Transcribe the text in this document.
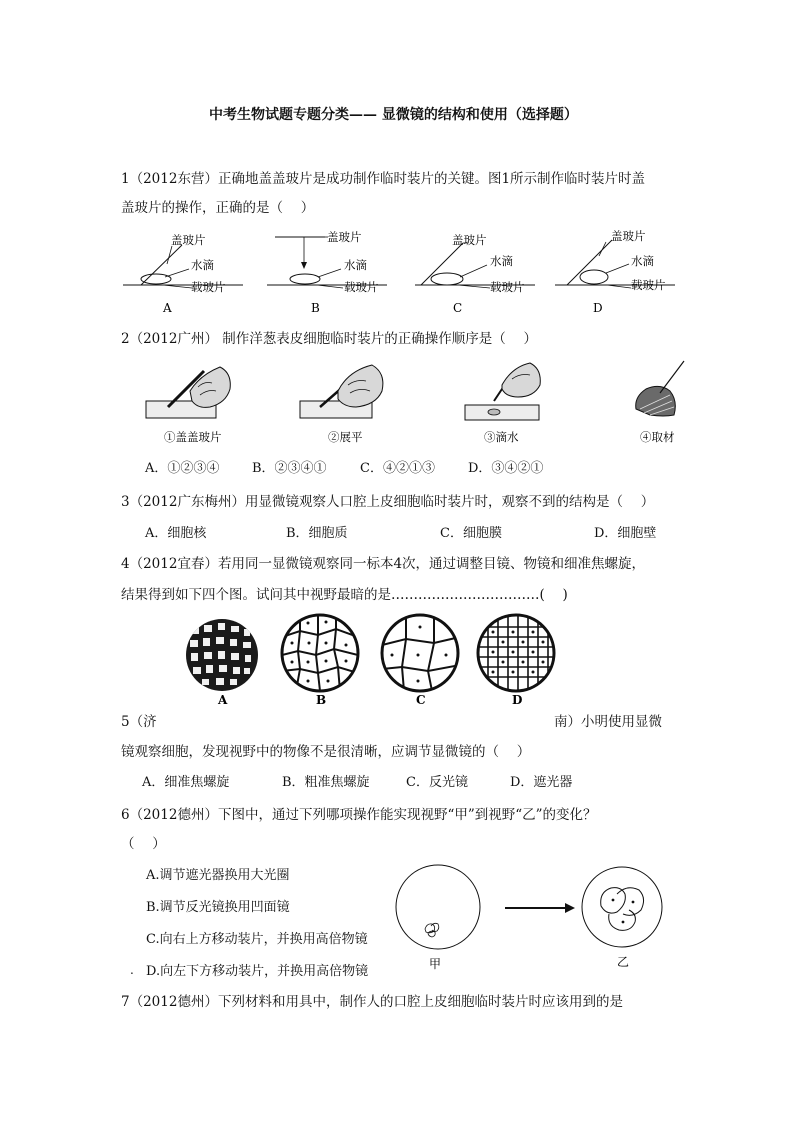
中考生物试题专题分类—— 显微镜的结构和使用（选择题）
1（2012东营）正确地盖盖玻片是成功制作临时装片的关键。图1所示制作临时装片时盖
盖玻片的操作，正确的是（　 ）
盖玻片
水滴
载玻片
A
盖玻片
水滴
载玻片
B
盖玻片
水滴
载玻片
C
盖玻片
水滴
载玻片
D
2（2012广州） 制作洋葱表皮细胞临时装片的正确操作顺序是（　 ）
①盖盖玻片	②展平	③滴水	④取材
A．①②③④	B．②③④①	C．④②①③	D．③④②①
3（2012广东梅州）用显微镜观察人口腔上皮细胞临时装片时，观察不到的结构是（　 ）
A．细胞核	B．细胞质	C．细胞膜	D．细胞壁
4（2012宜春）若用同一显微镜观察同一标本4次，通过调整目镜、物镜和细准焦螺旋，
结果得到如下四个图。试问其中视野最暗的是……………………………(　 )
A	B	C	D
5（济	南）小明使用显微
镜观察细胞，发现视野中的物像不是很清晰，应调节显微镜的（　 ）
A．细准焦螺旋	B．粗准焦螺旋	C．反光镜	D．遮光器
6（2012德州）下图中，通过下列哪项操作能实现视野“甲”到视野“乙”的变化？
（　 ）
A.调节遮光器换用大光圈
B.调节反光镜换用凹面镜
C.向右上方移动装片，并换用高倍物镜
. D.向左下方移动装片，并换用高倍物镜	甲	乙
7（2012德州）下列材料和用具中，制作人的口腔上皮细胞临时装片时应该用到的是
